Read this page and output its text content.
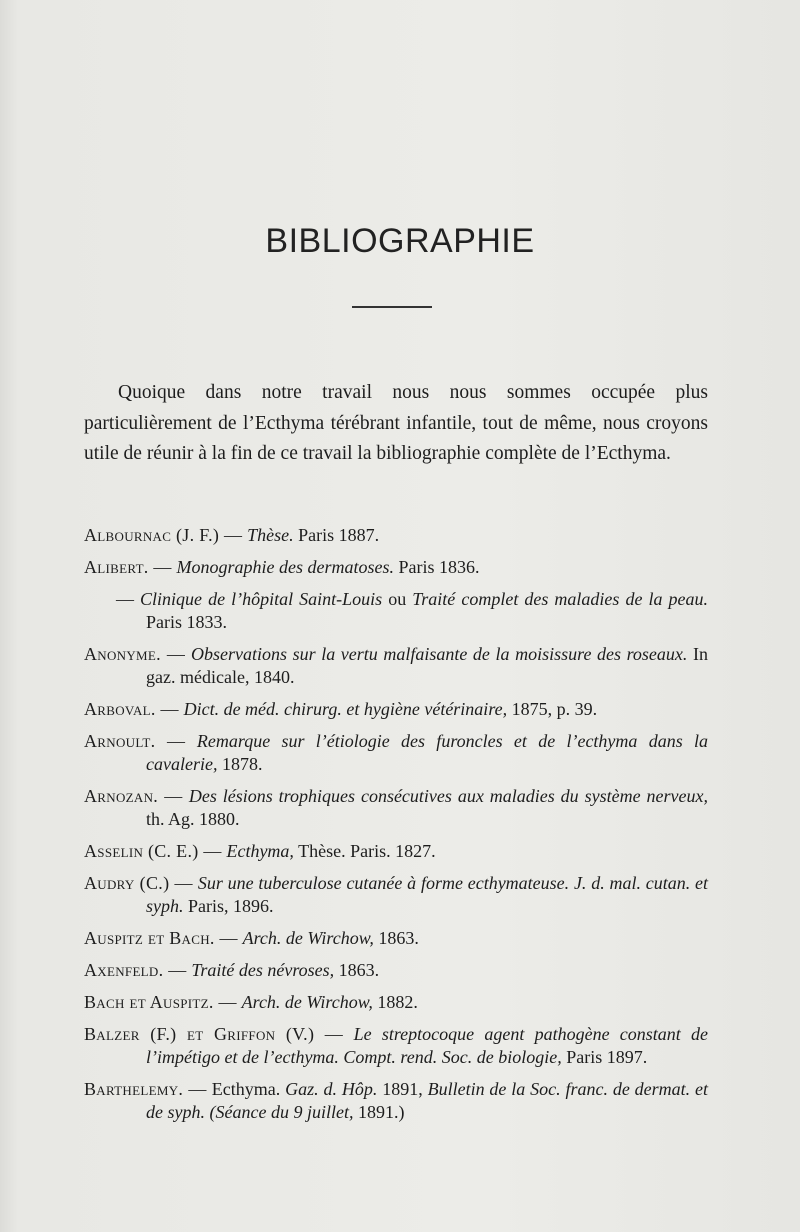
BIBLIOGRAPHIE

Quoique dans notre travail nous nous sommes occupée plus particulièrement de l’Ecthyma térébrant infantile, tout de même, nous croyons utile de réunir à la fin de ce travail la bibliographie complète de l’Ecthyma.

Albournac (J. F.) — Thèse. Paris 1887.

Alibert. — Monographie des dermatoses. Paris 1836.

— Clinique de l’hôpital Saint-Louis ou Traité complet des maladies de la peau. Paris 1833.

Anonyme. — Observations sur la vertu malfaisante de la moisissure des roseaux. In gaz. médicale, 1840.

Arboval. — Dict. de méd. chirurg. et hygiène vétérinaire, 1875, p. 39.

Arnoult. — Remarque sur l’étiologie des furoncles et de l’ecthyma dans la cavalerie, 1878.

Arnozan. — Des lésions trophiques consécutives aux maladies du système nerveux, th. Ag. 1880.

Asselin (C. E.) — Ecthyma, Thèse. Paris. 1827.

Audry (C.) — Sur une tuberculose cutanée à forme ecthymateuse. J. d. mal. cutan. et syph. Paris, 1896.

Auspitz et Bach. — Arch. de Wirchow, 1863.

Axenfeld. — Traité des névroses, 1863.

Bach et Auspitz. — Arch. de Wirchow, 1882.

Balzer (F.) et Griffon (V.) — Le streptocoque agent pathogène constant de l’impétigo et de l’ecthyma. Compt. rend. Soc. de biologie, Paris 1897.

Barthelemy. — Ecthyma. Gaz. d. Hôp. 1891, Bulletin de la Soc. franc. de dermat. et de syph. (Séance du 9 juillet, 1891.)
